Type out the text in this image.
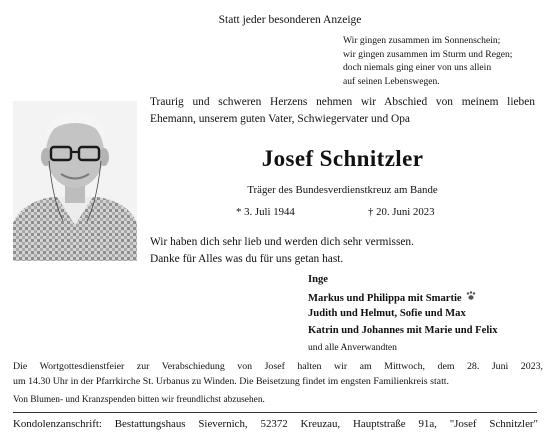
Statt jeder besonderen Anzeige
Wir gingen zusammen im Sonnenschein;
wir gingen zusammen im Sturm und Regen;
doch niemals ging einer von uns allein
auf seinen Lebenswegen.
Traurig und schweren Herzens nehmen wir Abschied von meinem lieben
Ehemann, unserem guten Vater, Schwiegervater und Opa
Josef Schnitzler
Träger des Bundesverdienstkreuz am Bande
* 3. Juli 1944	† 20. Juni 2023
Wir haben dich sehr lieb und werden dich sehr vermissen.
Danke für Alles was du für uns getan hast.
Inge
Markus und Philippa mit Smartie
Judith und Helmut, Sofie und Max
Katrin und Johannes mit Marie und Felix
und alle Anverwandten
Die Wortgottesdienstfeier zur Verabschiedung von Josef halten wir am Mittwoch, dem 28. Juni 2023,
um 14.30 Uhr in der Pfarrkirche St. Urbanus zu Winden. Die Beisetzung findet im engsten Familienkreis statt.
Von Blumen- und Kranzspenden bitten wir freundlichst abzusehen.
Kondolenzanschrift: Bestattungshaus Sievernich, 52372 Kreuzau, Hauptstraße 91a, "Josef Schnitzler"
